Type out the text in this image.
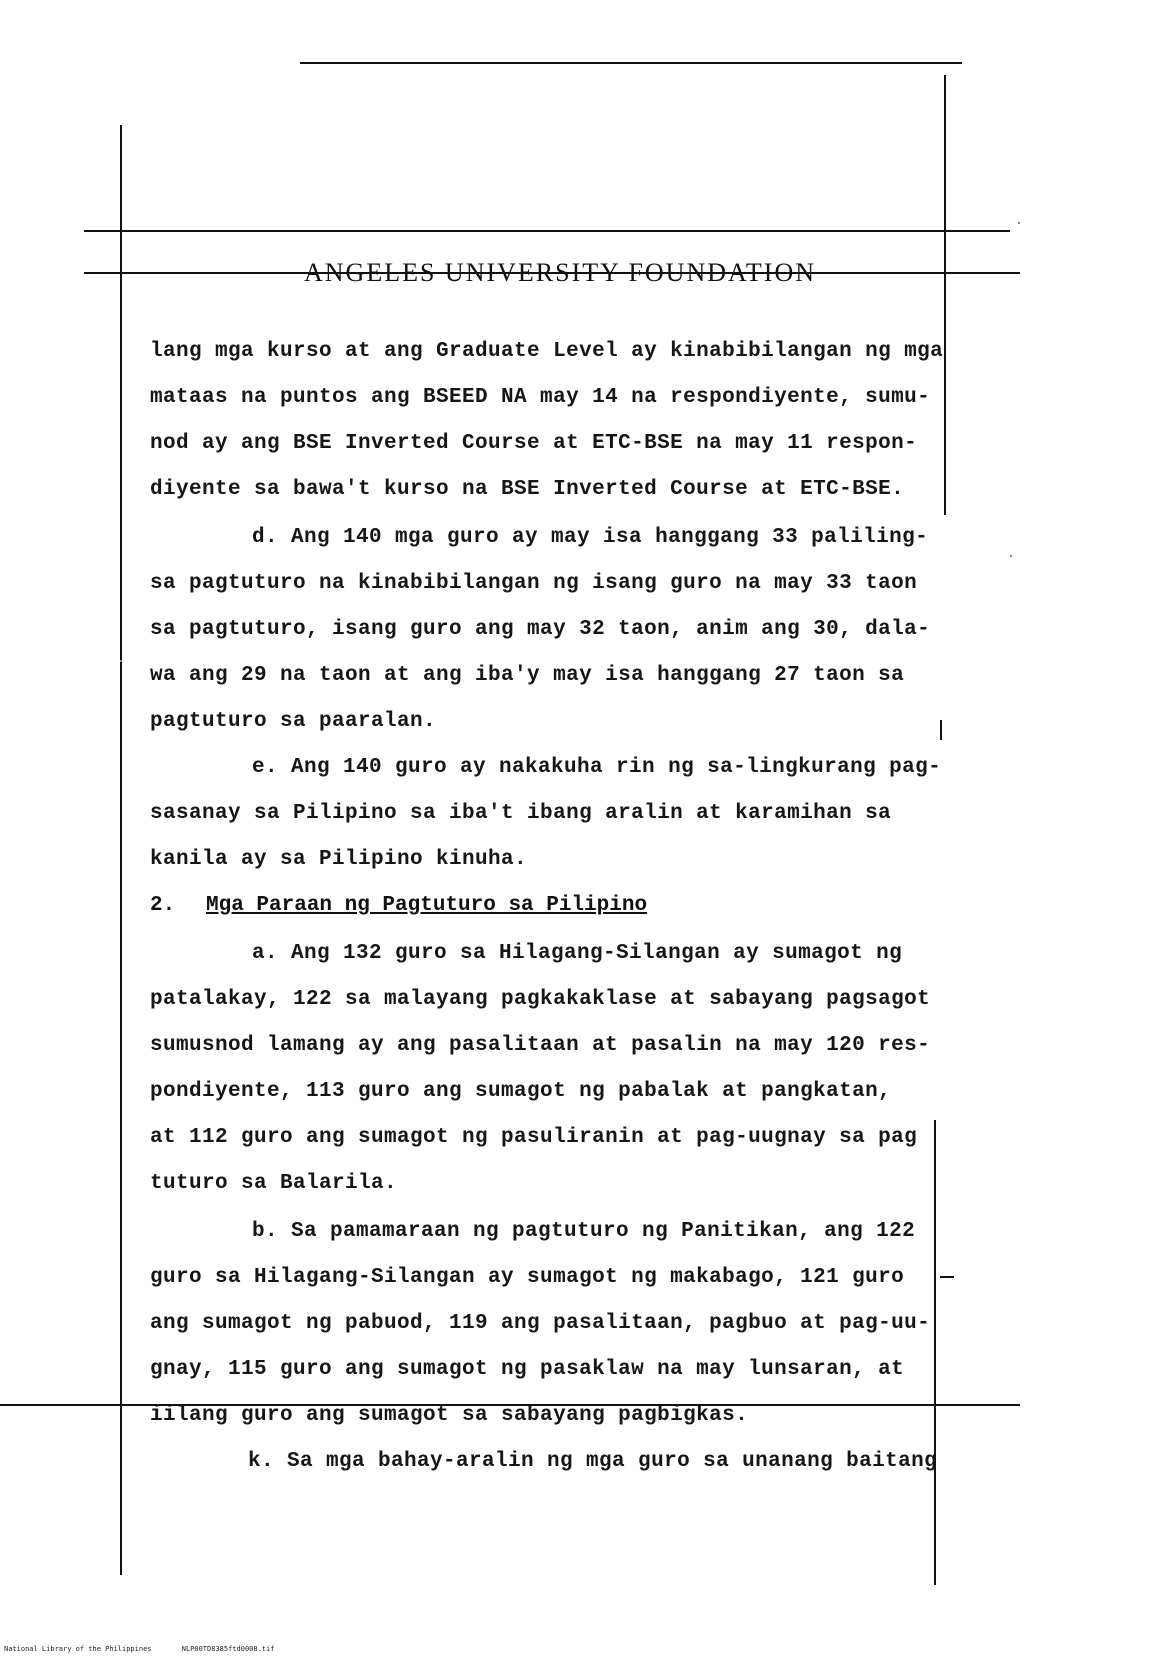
ANGELES UNIVERSITY FOUNDATION
lang mga kurso at ang Graduate Level ay kinabibilangan ng mga
mataas na puntos ang BSEED NA may 14 na respondiyente, sumu-
nod ay ang BSE Inverted Course at ETC-BSE na may 11 respon-
diyente sa bawa't kurso na BSE Inverted Course at ETC-BSE.
d. Ang 140 mga guro ay may isa hanggang 33 paliling-
sa pagtuturo na kinabibilangan ng isang guro na may 33 taon
sa pagtuturo, isang guro ang may 32 taon, anim ang 30, dala-
wa ang 29 na taon at ang iba'y may isa hanggang 27 taon sa
pagtuturo sa paaralan.
e. Ang 140 guro ay nakakuha rin ng sa-lingkurang pag-
sasanay sa Pilipino sa iba't ibang aralin at karamihan sa
kanila ay sa Pilipino kinuha.
2. Mga Paraan ng Pagtuturo sa Pilipino
a. Ang 132 guro sa Hilagang-Silangan ay sumagot ng
patalakay, 122 sa malayang pagkakaklase at sabayang pagsagot
sumusnod lamang ay ang pasalitaan at pasalin na may 120 res-
pondiyente, 113 guro ang sumagot ng pabalak at pangkatan,
at 112 guro ang sumagot ng pasuliranin at pag-uugnay sa pag
tuturo sa Balarila.
b. Sa pamamaraan ng pagtuturo ng Panitikan, ang 122
guro sa Hilagang-Silangan ay sumagot ng makabago, 121 guro
ang sumagot ng pabuod, 119 ang pasalitaan, pagbuo at pag-uu-
gnay, 115 guro ang sumagot ng pasaklaw na may lunsaran, at
iilang guro ang sumagot sa sabayang pagbigkas.
k. Sa mga bahay-aralin ng mga guro sa unanang baitang
National Library of the Philippines	NLP00TD8385ftd0008.tif
